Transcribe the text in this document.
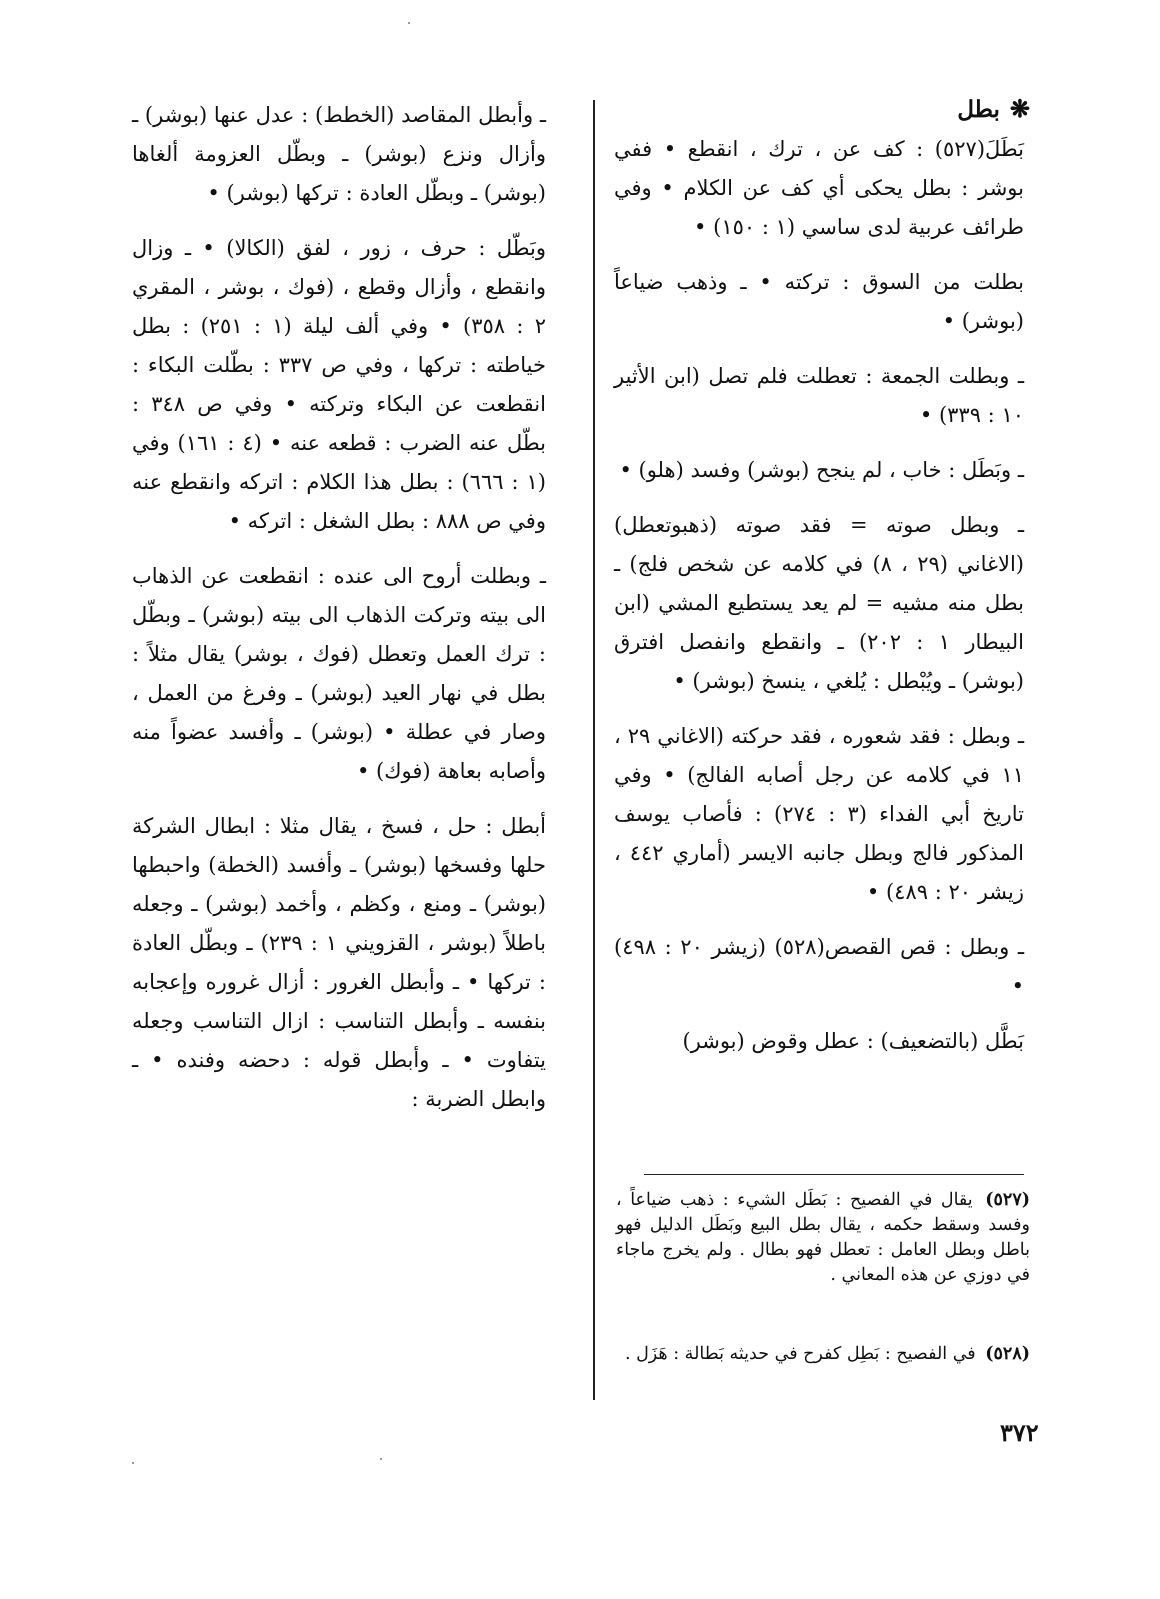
❋بطل

بَطَلَ(٥٢٧) : كف عن ، ترك ، انقطع • ففي بوشر : بطل يحكى أي كف عن الكلام • وفي طرائف عربية لدى ساسي (١ : ١٥٠) •

بطلت من السوق : تركته • ـ وذهب ضياعاً (بوشر) •

ـ وبطلت الجمعة : تعطلت فلم تصل (ابن الأثير ١٠ : ٣٣٩) •

ـ وبَطَل : خاب ، لم ينجح (بوشر) وفسد (هلو) •

ـ وبطل صوته = فقد صوته (ذهبوتعطل) (الاغاني (٢٩ ، ٨) في كلامه عن شخص فلج) ـ بطل منه مشيه = لم يعد يستطيع المشي (ابن البيطار ١ : ٢٠٢) ـ وانقطع وانفصل افترق (بوشر) ـ ويُبْطل : يُلغي ، ينسخ (بوشر) •

ـ وبطل : فقد شعوره ، فقد حركته (الاغاني ٢٩ ، ١١ في كلامه عن رجل أصابه الفالج) • وفي تاريخ أبي الفداء (٣ : ٢٧٤) : فأصاب يوسف المذكور فالج وبطل جانبه الايسر (أماري ٤٤٢ ، زيشر ٢٠ : ٤٨٩) •

ـ وبطل : قص القصص(٥٢٨) (زيشر ٢٠ : ٤٩٨) •

بَطَّل (بالتضعيف) : عطل وقوض (بوشر)

ـ وأبطل المقاصد (الخطط) : عدل عنها (بوشر) ـ وأزال ونزع (بوشر) ـ وبطّل العزومة ألغاها (بوشر) ـ وبطّل العادة : تركها (بوشر) •

وبَطّل : حرف ، زور ، لفق (الكالا) • ـ وزال وانقطع ، وأزال وقطع ، (فوك ، بوشر ، المقري ٢ : ٣٥٨) • وفي ألف ليلة (١ : ٢٥١) : بطل خياطته : تركها ، وفي ص ٣٣٧ : بطّلت البكاء : انقطعت عن البكاء وتركته • وفي ص ٣٤٨ : بطّل عنه الضرب : قطعه عنه • (٤ : ١٦١) وفي (١ : ٦٦٦) : بطل هذا الكلام : اتركه وانقطع عنه وفي ص ٨٨٨ : بطل الشغل : اتركه •

ـ وبطلت أروح الى عنده : انقطعت عن الذهاب الى بيته وتركت الذهاب الى بيته (بوشر) ـ وبطّل : ترك العمل وتعطل (فوك ، بوشر) يقال مثلاً : بطل في نهار العيد (بوشر) ـ وفرغ من العمل ، وصار في عطلة • (بوشر) ـ وأفسد عضواً منه وأصابه بعاهة (فوك) •

أبطل : حل ، فسخ ، يقال مثلا : ابطال الشركة حلها وفسخها (بوشر) ـ وأفسد (الخطة) واحبطها (بوشر) ـ ومنع ، وكظم ، وأخمد (بوشر) ـ وجعله باطلاً (بوشر ، القزويني ١ : ٢٣٩) ـ وبطّل العادة : تركها • ـ وأبطل الغرور : أزال غروره وإعجابه بنفسه ـ وأبطل التناسب : ازال التناسب وجعله يتفاوت • ـ وأبطل قوله : دحضه وفنده • ـ وابطل الضربة :

(٥٢٧) يقال في الفصيح : بَطَل الشيء : ذهب ضياعاً ، وفسد وسقط حكمه ، يقال بطل البيع وبَطَل الدليل فهو باطل وبطل العامل : تعطل فهو بطال . ولم يخرج ماجاء في دوزي عن هذه المعاني .
(٥٢٨) في الفصيح : بَطِل كفرح في حديثه بَطالة : هَزَل .
٣٧٢
